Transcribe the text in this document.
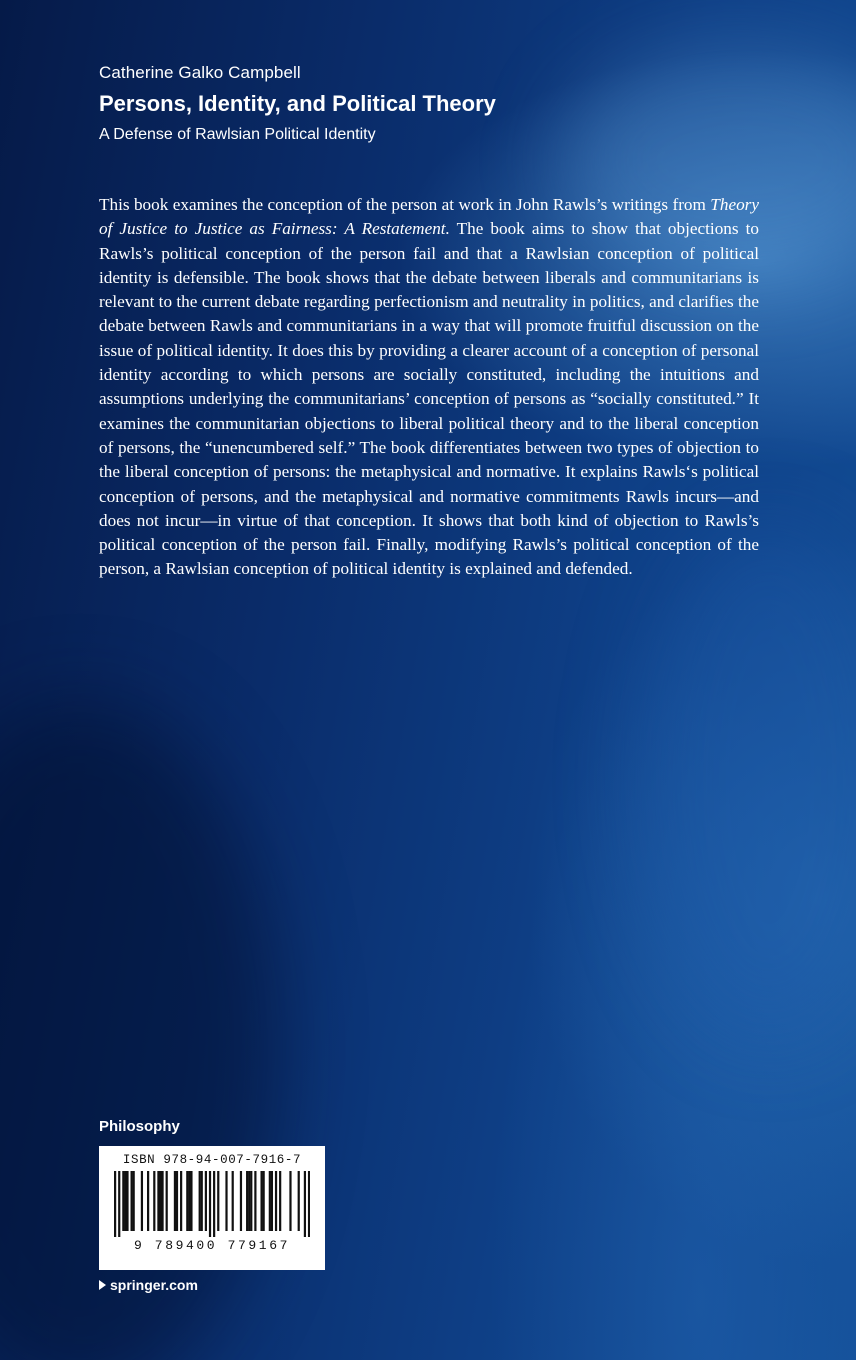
Catherine Galko Campbell
Persons, Identity, and Political Theory
A Defense of Rawlsian Political Identity

This book examines the conception of the person at work in John Rawls’s writings from Theory of Justice to Justice as Fairness: A Restatement. The book aims to show that objections to Rawls’s political conception of the person fail and that a Rawlsian conception of political identity is defensible. The book shows that the debate between liberals and communitarians is relevant to the current debate regarding perfectionism and neutrality in politics, and clarifies the debate between Rawls and communitarians in a way that will promote fruitful discussion on the issue of political identity. It does this by providing a clearer account of a conception of personal identity according to which persons are socially constituted, including the intuitions and assumptions underlying the communitarians’ conception of persons as “socially constituted.” It examines the communitarian objections to liberal political theory and to the liberal conception of persons, the “unencumbered self.” The book differentiates between two types of objection to the liberal conception of persons: the metaphysical and normative. It explains Rawls‘s political conception of persons, and the metaphysical and normative commitments Rawls incurs—and does not incur—in virtue of that conception. It shows that both kind of objection to Rawls’s political conception of the person fail. Finally, modifying Rawls’s political conception of the person, a Rawlsian conception of political identity is explained and defended.

Philosophy
ISBN 978-94-007-7916-7
9 789400 779167
springer.com
